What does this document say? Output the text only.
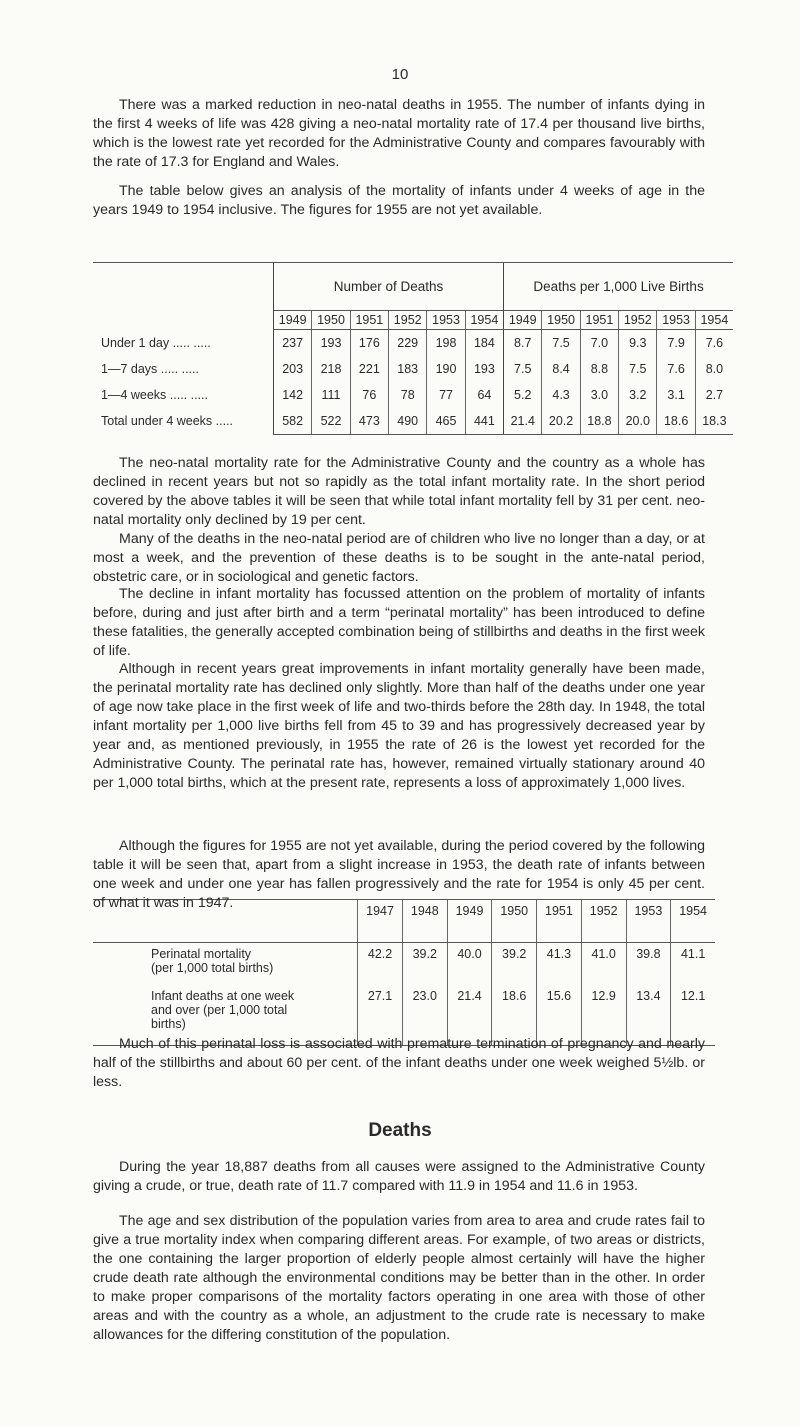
10

There was a marked reduction in neo-natal deaths in 1955. The number of infants dying in the first 4 weeks of life was 428 giving a neo-natal mortality rate of 17.4 per thousand live births, which is the lowest rate yet recorded for the Administrative County and compares favourably with the rate of 17.3 for England and Wales.

The table below gives an analysis of the mortality of infants under 4 weeks of age in the years 1949 to 1954 inclusive. The figures for 1955 are not yet available.

	Number of Deaths						Deaths per 1,000 Live Births					
	1949	1950	1951	1952	1953	1954	1949	1950	1951	1952	1953	1954
Under 1 day ..... .....	237	193	176	229	198	184	8.7	7.5	7.0	9.3	7.9	7.6
1—7 days ..... .....	203	218	221	183	190	193	7.5	8.4	8.8	7.5	7.6	8.0
1—4 weeks ..... .....	142	111	76	78	77	64	5.2	4.3	3.0	3.2	3.1	2.7
Total under 4 weeks .....	582	522	473	490	465	441	21.4	20.2	18.8	20.0	18.6	18.3

The neo-natal mortality rate for the Administrative County and the country as a whole has declined in recent years but not so rapidly as the total infant mortality rate. In the short period covered by the above tables it will be seen that while total infant mortality fell by 31 per cent. neo-natal mortality only declined by 19 per cent.

Many of the deaths in the neo-natal period are of children who live no longer than a day, or at most a week, and the prevention of these deaths is to be sought in the ante-natal period, obstetric care, or in sociological and genetic factors.

The decline in infant mortality has focussed attention on the problem of mortality of infants before, during and just after birth and a term “perinatal mortality” has been introduced to define these fatalities, the generally accepted combination being of stillbirths and deaths in the first week of life.

Although in recent years great improvements in infant mortality generally have been made, the perinatal mortality rate has declined only slightly. More than half of the deaths under one year of age now take place in the first week of life and two-thirds before the 28th day. In 1948, the total infant mortality per 1,000 live births fell from 45 to 39 and has progressively decreased year by year and, as mentioned previously, in 1955 the rate of 26 is the lowest yet recorded for the Administrative County. The perinatal rate has, however, remained virtually stationary around 40 per 1,000 total births, which at the present rate, represents a loss of approximately 1,000 lives.

	1947	1948	1949	1950	1951	1952	1953	1954

Perinatal mortality
(per 1,000 total births)	42.2	39.2	40.0	39.2	41.3	41.0	39.8	41.1

Infant deaths at one week
and over (per 1,000 total
births)	27.1	23.0	21.4	18.6	15.6	12.9	13.4	12.1

Although the figures for 1955 are not yet available, during the period covered by the following table it will be seen that, apart from a slight increase in 1953, the death rate of infants between one week and under one year has fallen progressively and the rate for 1954 is only 45 per cent. of what it was in 1947.

Much of this perinatal loss is associated with premature termination of pregnancy and nearly half of the stillbirths and about 60 per cent. of the infant deaths under one week weighed 5½lb. or less.

Deaths

During the year 18,887 deaths from all causes were assigned to the Administrative County giving a crude, or true, death rate of 11.7 compared with 11.9 in 1954 and 11.6 in 1953.

The age and sex distribution of the population varies from area to area and crude rates fail to give a true mortality index when comparing different areas. For example, of two areas or districts, the one containing the larger proportion of elderly people almost certainly will have the higher crude death rate although the environmental conditions may be better than in the other. In order to make proper comparisons of the mortality factors operating in one area with those of other areas and with the country as a whole, an adjustment to the crude rate is necessary to make allowances for the differing constitution of the population.
